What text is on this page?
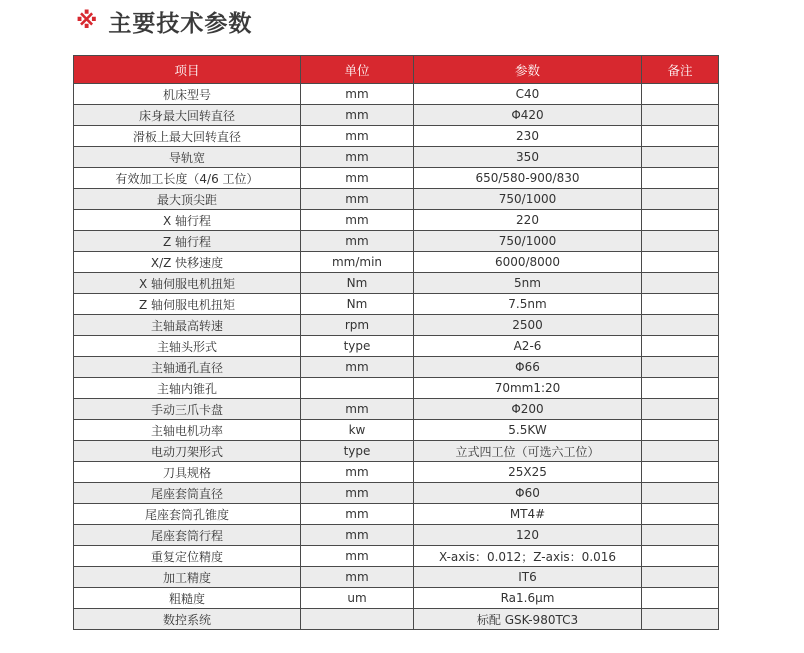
※ 主要技术参数
项目	单位	参数	备注
机床型号	mm	C40	
床身最大回转直径	mm	Φ420	
滑板上最大回转直径	mm	230	
导轨宽	mm	350	
有效加工长度（4/6 工位）	mm	650/580-900/830	
最大顶尖距	mm	750/1000	
X 轴行程	mm	220	
Z 轴行程	mm	750/1000	
X/Z 快移速度	mm/min	6000/8000	
X 轴伺服电机扭矩	Nm	5nm	
Z 轴伺服电机扭矩	Nm	7.5nm	
主轴最高转速	rpm	2500	
主轴头形式	type	A2-6	
主轴通孔直径	mm	Φ66	
主轴内锥孔		70mm1:20	
手动三爪卡盘	mm	Φ200	
主轴电机功率	kw	5.5KW	
电动刀架形式	type	立式四工位（可选六工位）	
刀具规格	mm	25X25	
尾座套筒直径	mm	Φ60	
尾座套筒孔锥度	mm	MT4#	
尾座套筒行程	mm	120	
重复定位精度	mm	X-axis：0.012；Z-axis：0.016	
加工精度	mm	IT6	
粗糙度	um	Ra1.6μm	
数控系统		标配 GSK-980TC3	
